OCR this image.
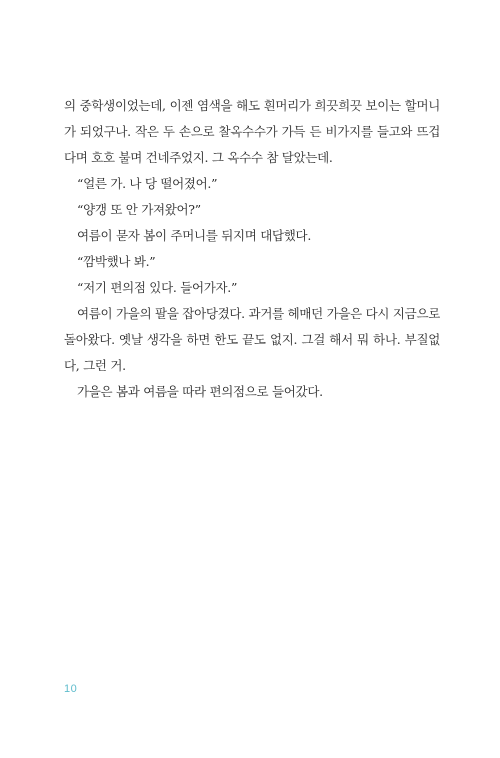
의 중학생이었는데, 이젠 염색을 해도 흰머리가 희끗희끗 보이는 할머니가 되었구나. 작은 두 손으로 찰옥수수가 가득 든 비가지를 들고와 뜨겁다며 호호 불며 건네주었지. 그 옥수수 참 달았는데.

“얼른 가. 나 당 떨어졌어.”

“양갱 또 안 가져왔어?”

여름이 묻자 봄이 주머니를 뒤지며 대답했다.

“깜박했나 봐.”

“저기 편의점 있다. 들어가자.”

여름이 가을의 팔을 잡아당겼다. 과거를 헤매던 가을은 다시 지금으로 돌아왔다. 옛날 생각을 하면 한도 끝도 없지. 그걸 해서 뭐 하나. 부질없다, 그런 거.

가을은 봄과 여름을 따라 편의점으로 들어갔다.

10
